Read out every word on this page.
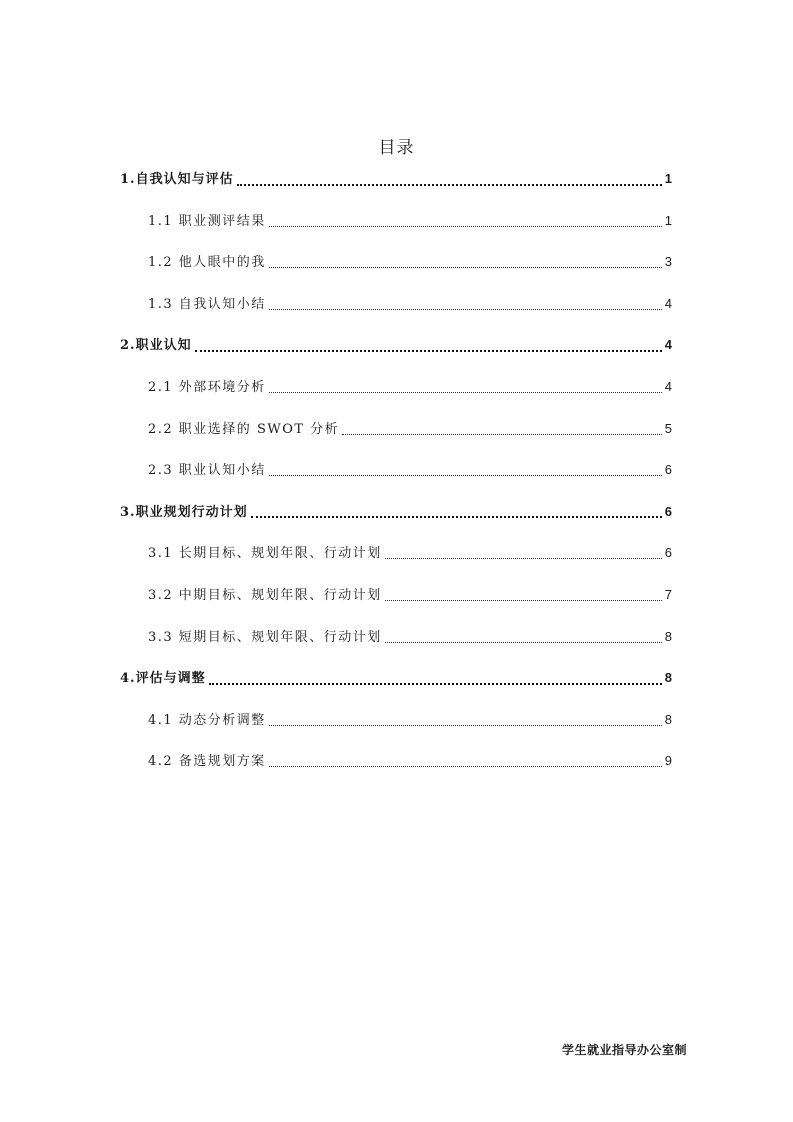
目录
1.自我认知与评估	1
1.1 职业测评结果	1
1.2 他人眼中的我	3
1.3 自我认知小结	4
2.职业认知	4
2.1 外部环境分析	4
2.2 职业选择的 SWOT 分析	5
2.3 职业认知小结	6
3.职业规划行动计划	6
3.1 长期目标、规划年限、行动计划	6
3.2 中期目标、规划年限、行动计划	7
3.3 短期目标、规划年限、行动计划	8
4.评估与调整	8
4.1 动态分析调整	8
4.2 备选规划方案	9
学生就业指导办公室制
